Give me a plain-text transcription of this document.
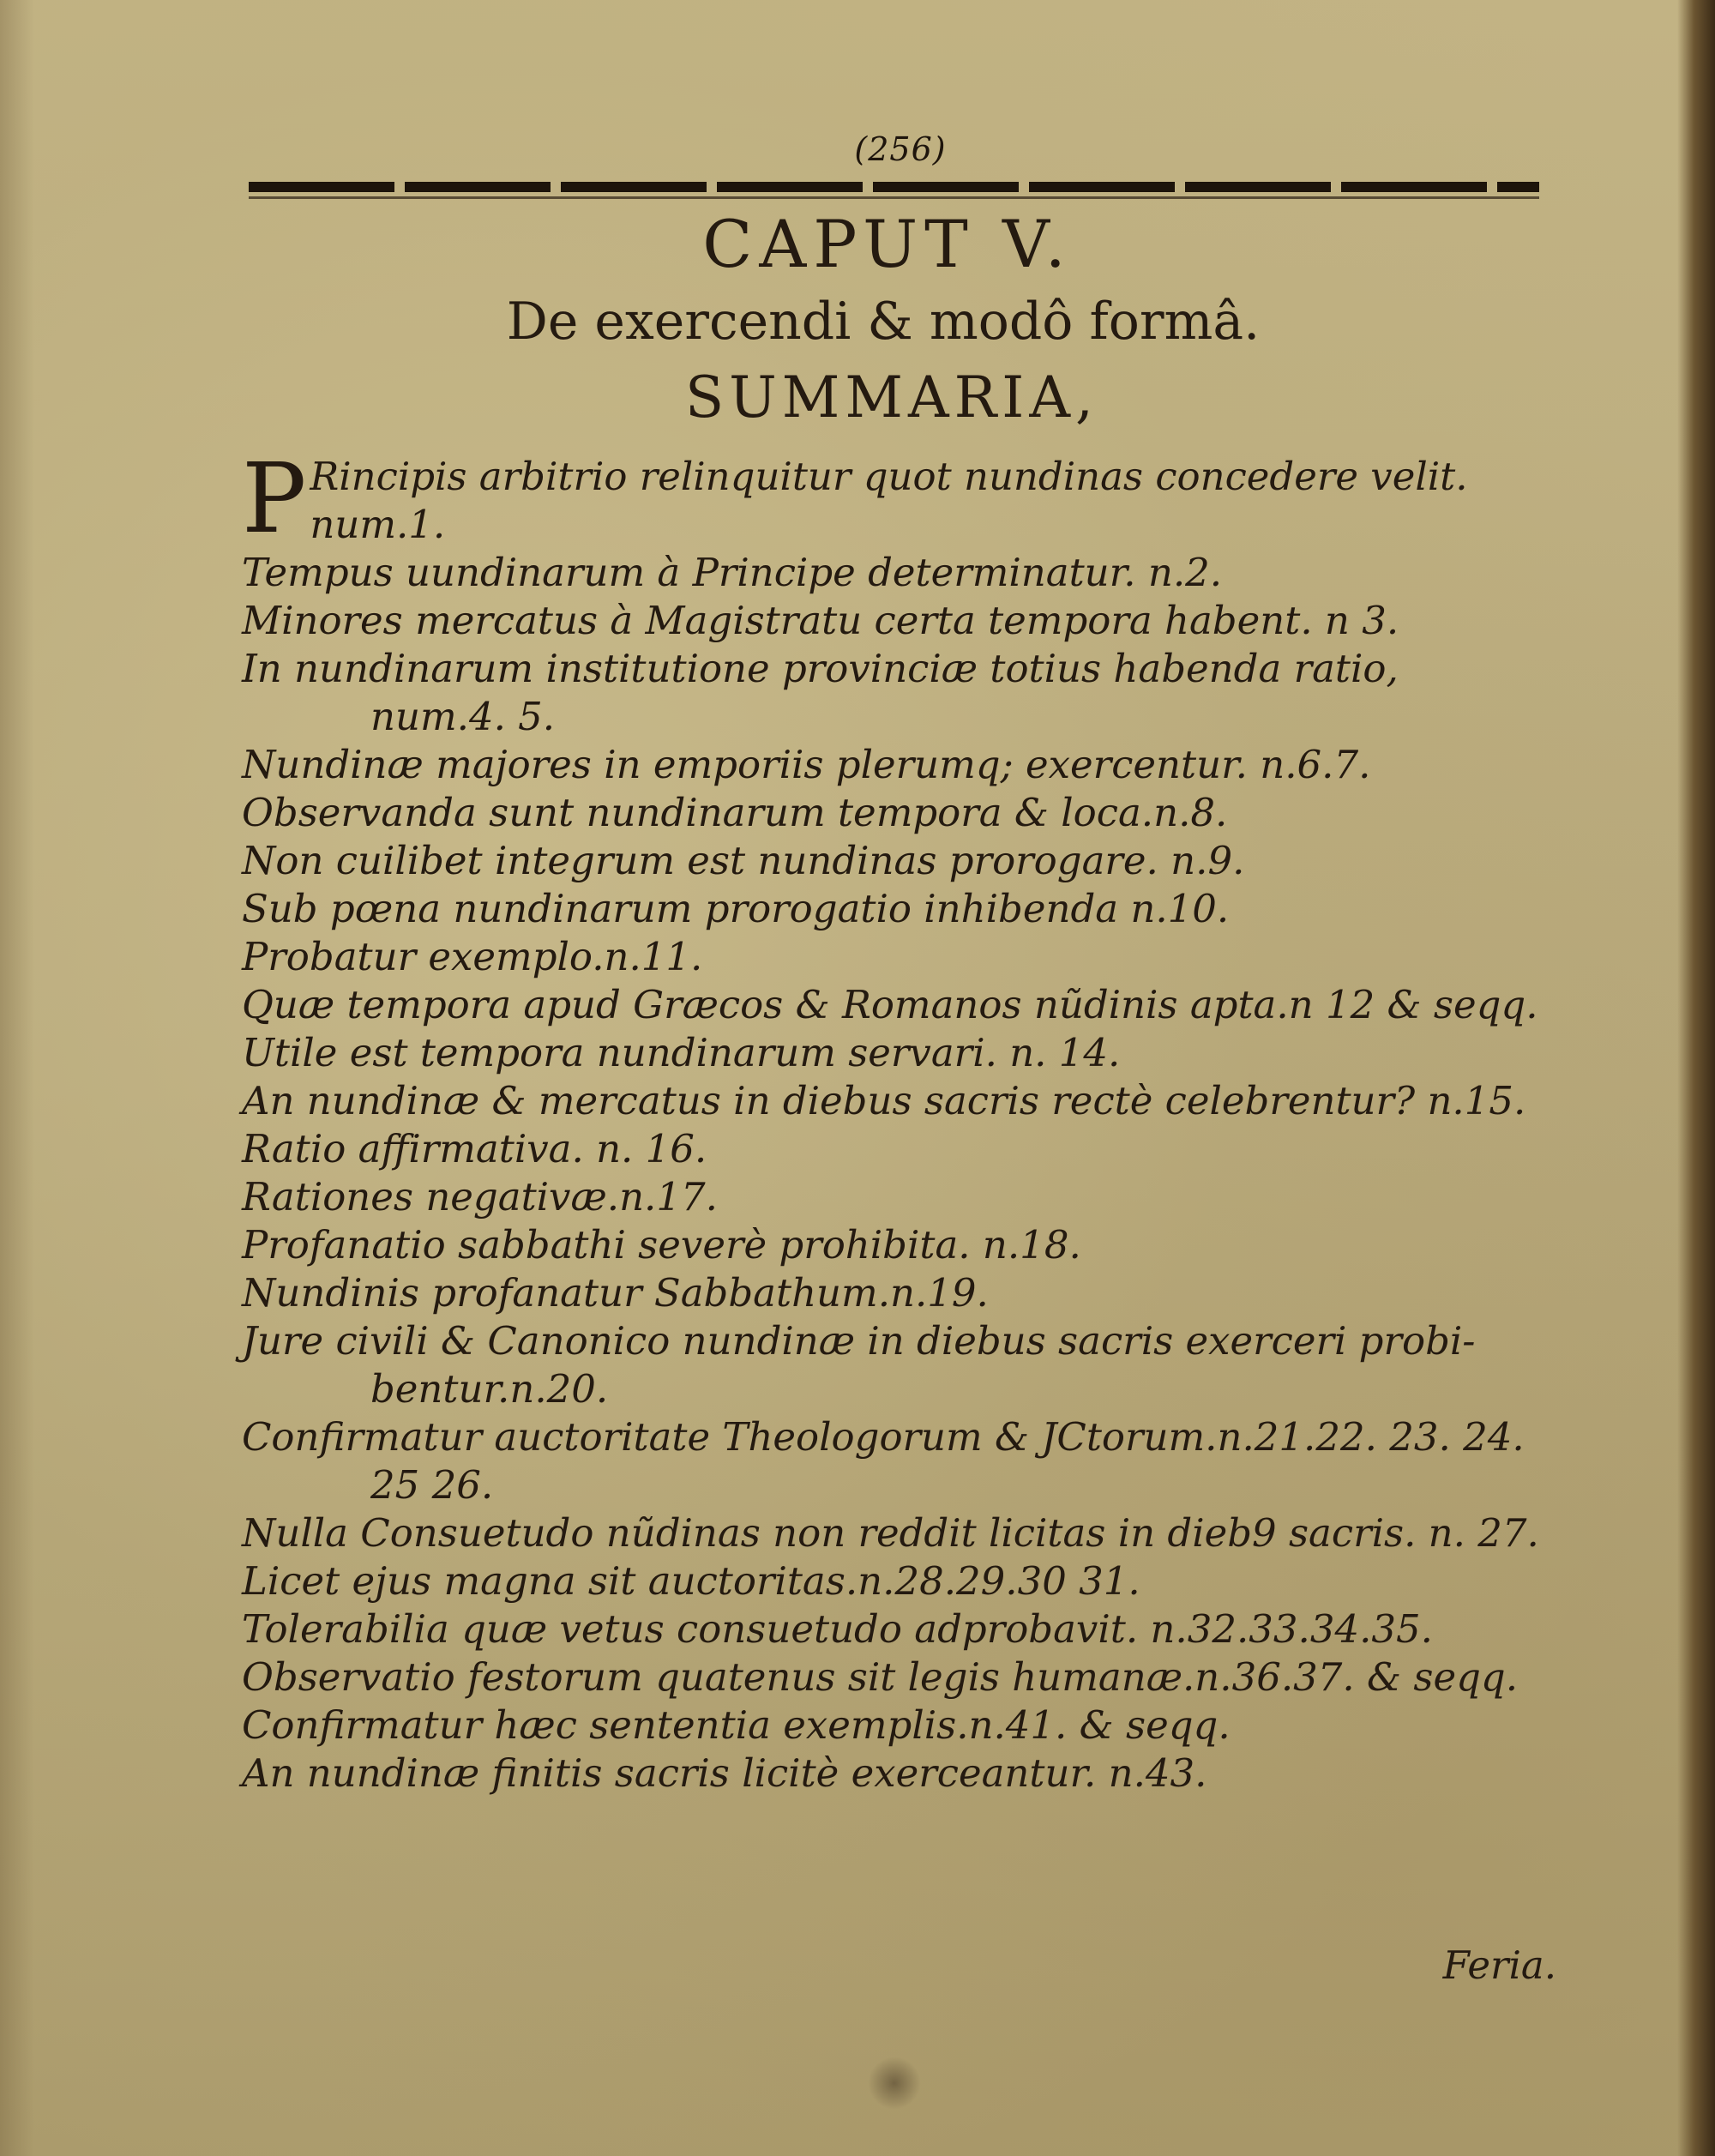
(256)
CAPUT V.
De exercendi & modô formâ.
SUMMARIA,
P Rincipis arbitrio relinquitur quot nundinas concedere velit.
num.1.
Tempus uundinarum à Principe determinatur. n.2.
Minores mercatus à Magistratu certa tempora habent. n 3.
In nundinarum institutione provinciæ totius habenda ratio,
num.4. 5.
Nundinæ majores in emporiis plerumq; exercentur. n.6.7.
Observanda sunt nundinarum tempora & loca.n.8.
Non cuilibet integrum est nundinas prorogare. n.9.
Sub pœna nundinarum prorogatio inhibenda n.10.
Probatur exemplo.n.11.
Quæ tempora apud Græcos & Romanos nũdinis apta.n 12 & seqq.
Utile est tempora nundinarum servari. n. 14.
An nundinæ & mercatus in diebus sacris rectè celebrentur? n.15.
Ratio affirmativa. n. 16.
Rationes negativæ.n.17.
Profanatio sabbathi severè prohibita. n.18.
Nundinis profanatur Sabbathum.n.19.
Jure civili & Canonico nundinæ in diebus sacris exerceri probi-
bentur.n.20.
Confirmatur auctoritate Theologorum & JCtorum.n.21.22. 23. 24.
25 26.
Nulla Consuetudo nũdinas non reddit licitas in dieb9 sacris. n. 27.
Licet ejus magna sit auctoritas.n.28.29.30 31.
Tolerabilia quæ vetus consuetudo adprobavit. n.32.33.34.35.
Observatio festorum quatenus sit legis humanæ.n.36.37. & seqq.
Confirmatur hæc sententia exemplis.n.41. & seqq.
An nundinæ finitis sacris licitè exerceantur. n.43.
Feria.
